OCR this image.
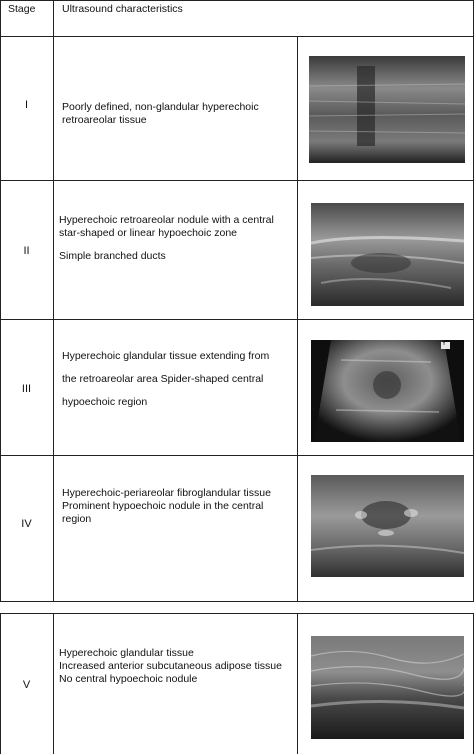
Stage	Ultrasound characteristics
I	Poorly defined, non-glandular hyperechoic
retroareolar tissue
II
Hyperechoic retroareolar nodule with a central
star-shaped or linear hypoechoic zone
Simple branched ducts
III
Hyperechoic glandular tissue extending from
the retroareolar area Spider-shaped central
hypoechoic region
Y
IV
Hyperechoic-periareolar fibroglandular tissue
Prominent hypoechoic nodule in the central
region
V
Hyperechoic glandular tissue
Increased anterior subcutaneous adipose tissue
No central hypoechoic nodule
